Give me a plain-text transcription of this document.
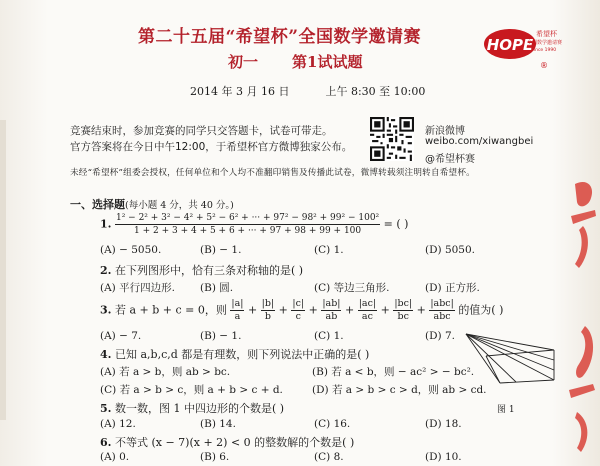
第二十五届“希望杯”全国数学邀请赛
初一 第1试试题
HOPE
希望杯
全国数学邀请赛
Since 1990
®
2014 年 3 月 16 日	上午 8:30 至 10:00
竞赛结束时，参加竞赛的同学只交答题卡，试卷可带走。
官方答案将在今日中午12:00，于希望杯官方微博独家公布。
新浪微博
weibo.com/xiwangbei
@希望杯赛
未经“希望杯”组委会授权，任何单位和个人均不准翻印销售及传播此试卷，微博转载须注明转自希望杯。
一、选择题(每小题 4 分，共 40 分。)
1. $\frac{\text{1² − 2² + 3² − 4² + 5² − 6² + ··· + 97² − 98² + 99² − 100²}}{1 + 2 + 3 + 4 + 5 + 6 + \cdot\cdot\cdot + 97 + 98 + 99 + 100}$ = ( )
(A) − 5050.	(B) − 1.	(C) 1.	(D) 5050.
2. 在下列图形中，恰有三条对称轴的是( )
(A) 平行四边形. (B) 圆.	(C) 等边三角形.	(D) 正方形.
3. 若 a + b + c = 0，则 $\frac{|a|}{a} + \frac{|b|}{b} + \frac{|c|}{c} + \frac{|ab|}{ab} + \frac{|ac|}{ac} + \frac{|bc|}{bc} + \frac{\text{|abc|}}{\text{abc}}$ 的值为( )
(A) − 7.	(B) − 1.	(C) 1.	(D) 7.
4. 已知 a,b,c,d 都是有理数，则下列说法中正确的是( )
(A) 若 a > b，则 ab > bc.	(B) 若 a < b，则 − ac² > − bc².
(C) 若 a > b > c，则 a + b > c + d.	(D) 若 a > b > c > d，则 ab > cd.
5. 数一数，图 1 中四边形的个数是( )
(A) 12.	(B) 14.	(C) 16.	(D) 18.
6. 不等式 (x − 7)(x + 2) < 0 的整数解的个数是( )
(A) 0.	(B) 6.	(C) 8.	(D) 10.
图 1
